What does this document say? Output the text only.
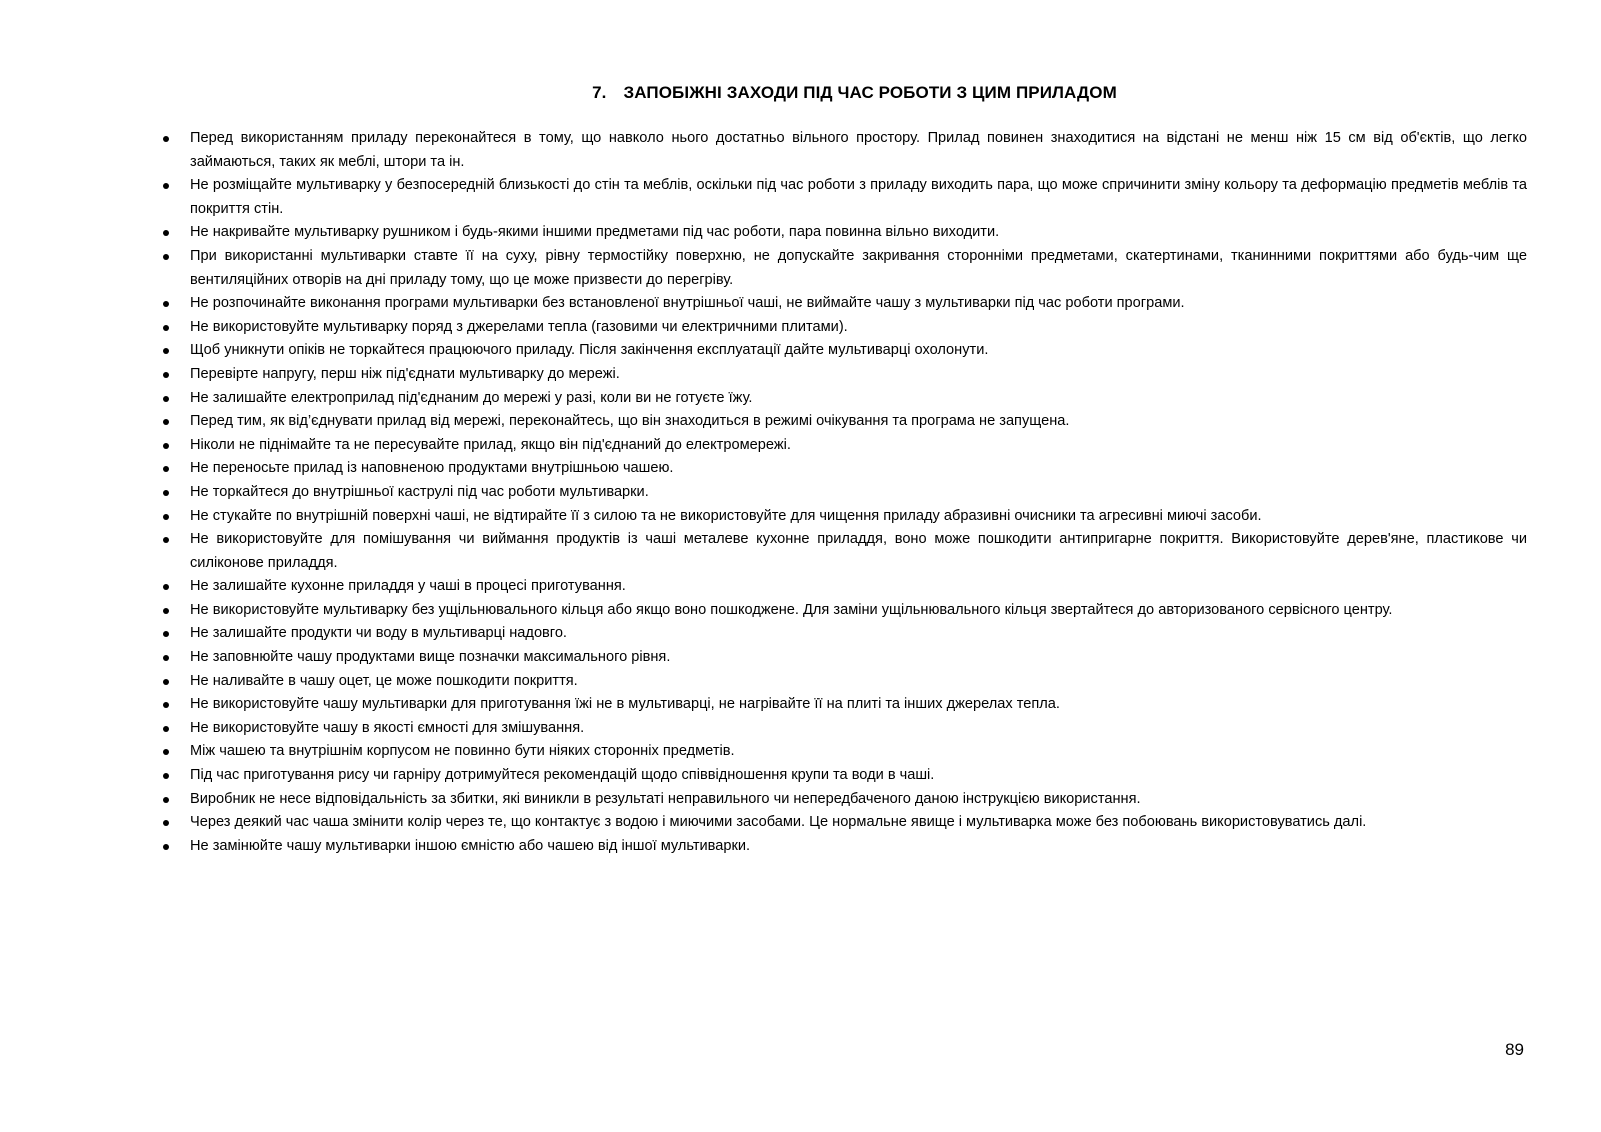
7. ЗАПОБІЖНІ ЗАХОДИ ПІД ЧАС РОБОТИ З ЦИМ ПРИЛАДОМ
Перед використанням приладу переконайтеся в тому, що навколо нього достатньо вільного простору. Прилад повинен знаходитися на відстані не менш ніж 15 см від об'єктів, що легко займаються, таких як меблі, штори та ін.
Не розміщайте мультиварку у безпосередній близькості до стін та меблів, оскільки під час роботи з приладу виходить пара, що може спричинити зміну кольору та деформацію предметів меблів та покриття стін.
Не накривайте мультиварку рушником і будь-якими іншими предметами під час роботи, пара повинна вільно виходити.
При використанні мультиварки ставте її на суху, рівну термостійку поверхню, не допускайте закривання сторонніми предметами, скатертинами, тканинними покриттями або будь-чим ще вентиляційних отворів на дні приладу тому, що це може призвести до перегріву.
Не розпочинайте виконання програми мультиварки без встановленої внутрішньої чаші, не виймайте чашу з мультиварки під час роботи програми.
Не використовуйте мультиварку поряд з джерелами тепла (газовими чи електричними плитами).
Щоб уникнути опіків не торкайтеся працюючого приладу. Після закінчення експлуатації дайте мультиварці охолонути.
Перевірте напругу, перш ніж під'єднати мультиварку до мережі.
Не залишайте електроприлад під'єднаним до мережі у разі, коли ви не готуєте їжу.
Перед тим, як від’єднувати прилад від мережі, переконайтесь, що він знаходиться в режимі очікування та програма не запущена.
Ніколи не піднімайте та не пересувайте прилад, якщо він під'єднаний до електромережі.
Не переносьте прилад із наповненою продуктами внутрішньою чашею.
Не торкайтеся до внутрішньої каструлі під час роботи мультиварки.
Не стукайте по внутрішній поверхні чаші, не відтирайте її з силою та не використовуйте для чищення приладу абразивні очисники та агресивні миючі засоби.
Не використовуйте для помішування чи виймання продуктів із чаші металеве кухонне приладдя, воно може пошкодити антипригарне покриття. Використовуйте дерев'яне, пластикове чи силіконове приладдя.
Не залишайте кухонне приладдя у чаші в процесі приготування.
Не використовуйте мультиварку без ущільнювального кільця або якщо воно пошкоджене. Для заміни ущільнювального кільця звертайтеся до авторизованого сервісного центру.
Не залишайте продукти чи воду в мультиварці надовго.
Не заповнюйте чашу продуктами вище позначки максимального рівня.
Не наливайте в чашу оцет, це може пошкодити покриття.
Не використовуйте чашу мультиварки для приготування їжі не в мультиварці, не нагрівайте її на плиті та інших джерелах тепла.
Не використовуйте чашу в якості ємності для змішування.
Між чашею та внутрішнім корпусом не повинно бути ніяких сторонніх предметів.
Під час приготування рису чи гарніру дотримуйтеся рекомендацій щодо співвідношення крупи та води в чаші.
Виробник не несе відповідальність за збитки, які виникли в результаті неправильного чи непередбаченого даною інструкцією використання.
Через деякий час чаша змінити колір через те, що контактує з водою і миючими засобами. Це нормальне явище і мультиварка може без побоювань використовуватись далі.
Не замінюйте чашу мультиварки іншою ємністю або чашею від іншої мультиварки.
89
